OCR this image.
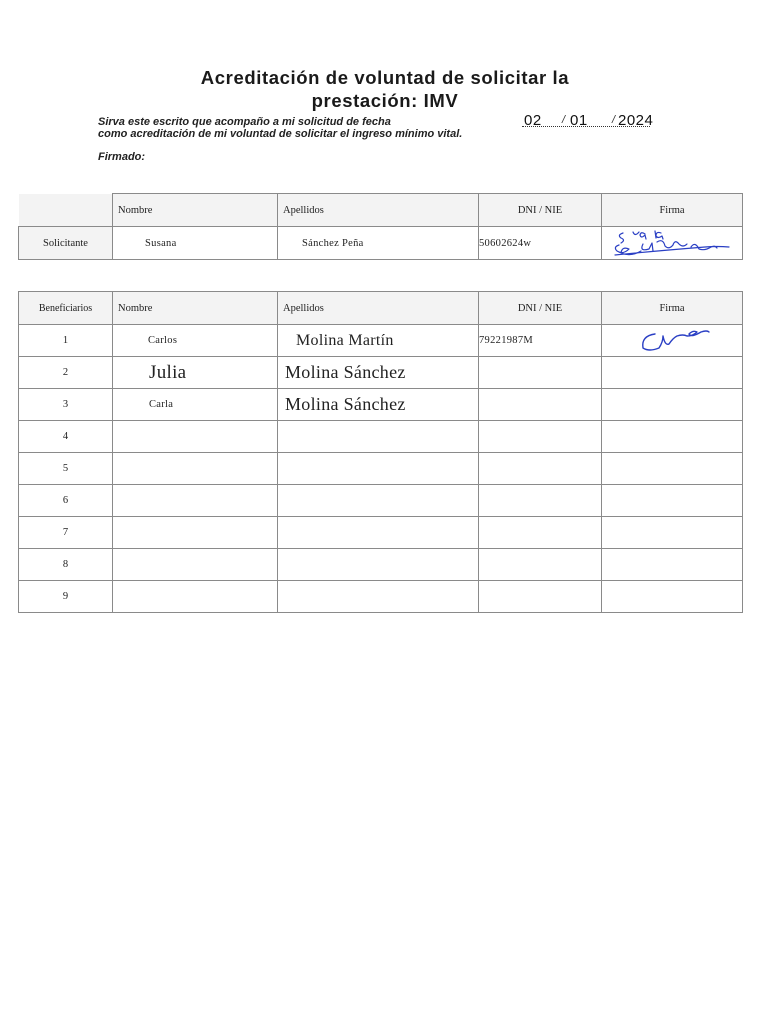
Acreditación de voluntad de solicitar la
prestación: IMV
Sirva este escrito que acompaño a mi solicitud de fecha
como acreditación de mi voluntad de solicitar el ingreso mínimo vital.
02 / 01 / 2024
Firmado:
	Nombre	Apellidos	DNI / NIE	Firma
Solicitante	Susana	Sánchez Peña	50602624w	
Beneficiarios	Nombre	Apellidos	DNI / NIE	Firma
1	Carlos	Molina Martín	79221987M	

2	Julia	Molina Sánchez		
3	Carla	Molina Sánchez		
4				
5				
6				
7				
8				
9				
